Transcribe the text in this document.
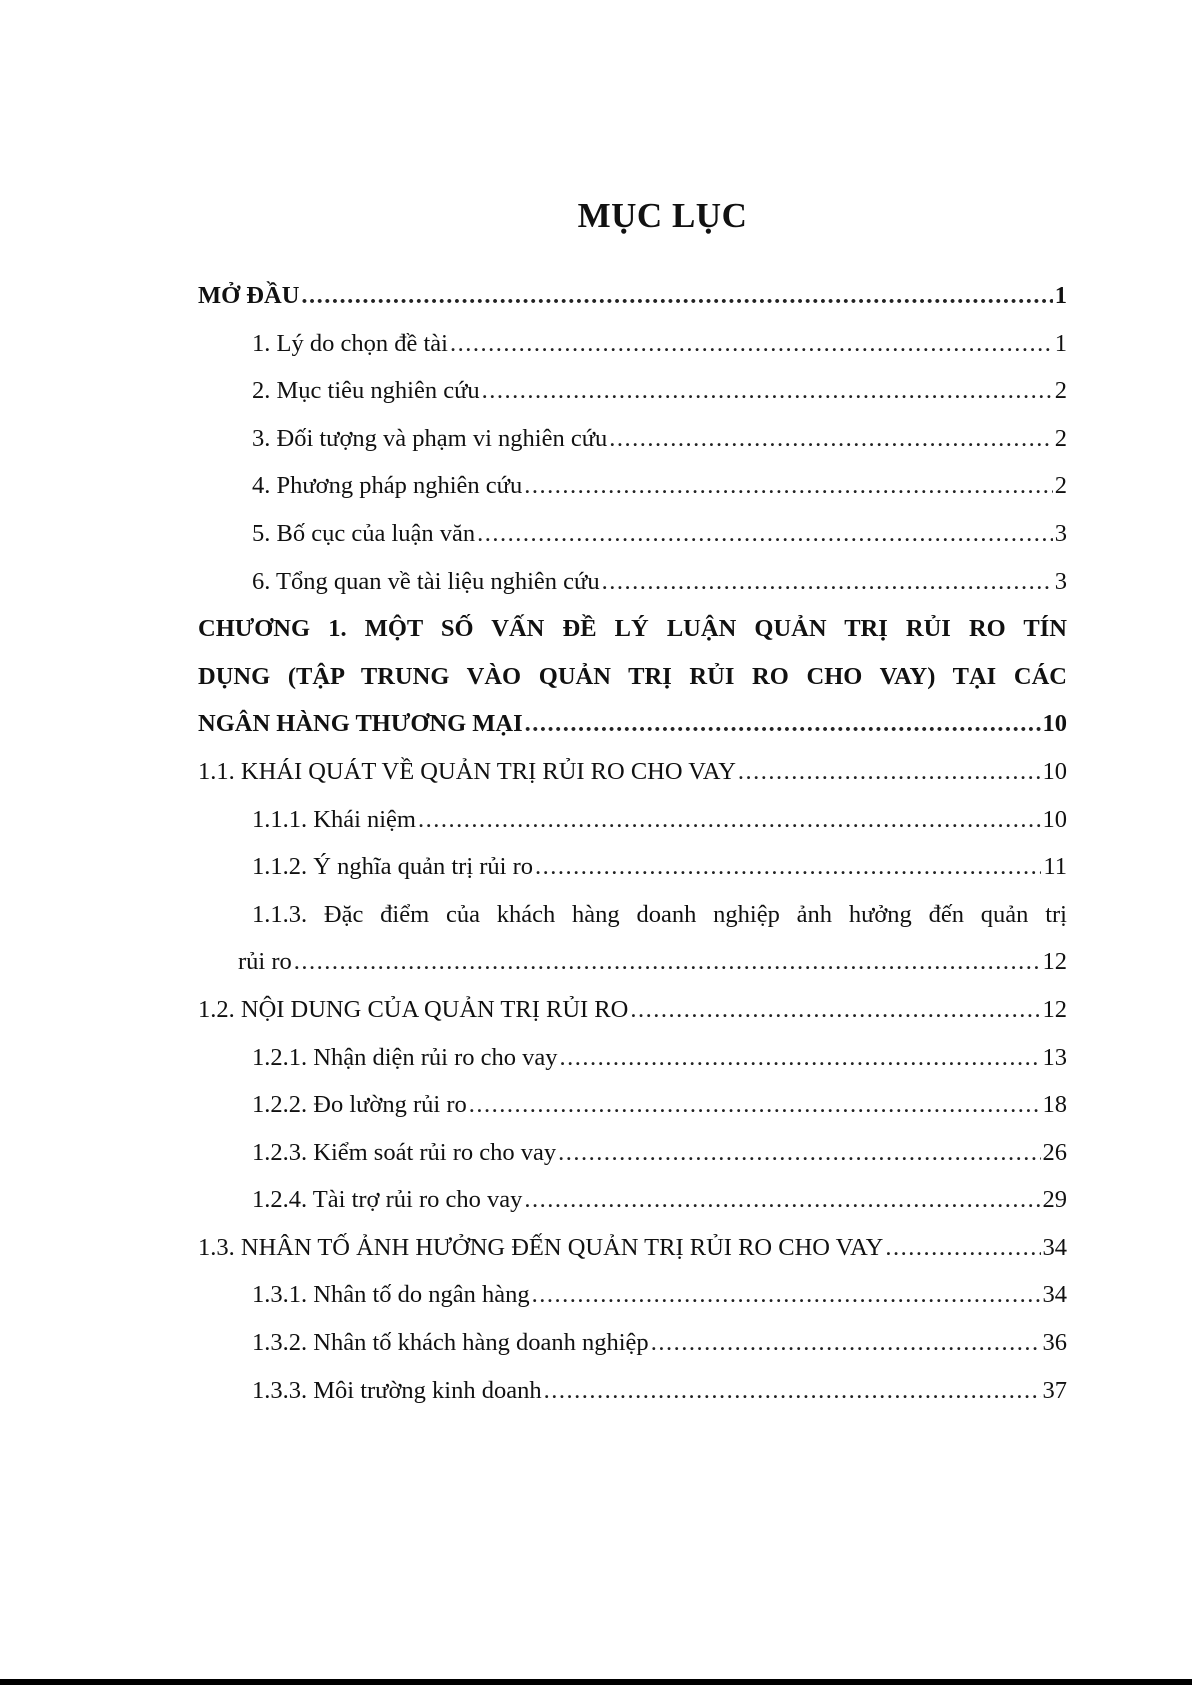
MỤC LỤC
MỞ ĐẦU .....	1
1. Lý do chọn đề tài .....	1
2. Mục tiêu nghiên cứu .....	2
3. Đối tượng và phạm vi nghiên cứu .....	2
4. Phương pháp nghiên cứu .....	2
5. Bố cục của luận văn .....	3
6. Tổng quan về tài liệu nghiên cứu .....	3
CHƯƠNG 1. MỘT SỐ VẤN ĐỀ LÝ LUẬN QUẢN TRỊ RỦI RO TÍN
DỤNG (TẬP TRUNG VÀO QUẢN TRỊ RỦI RO CHO VAY) TẠI CÁC
NGÂN HÀNG THƯƠNG MẠI .....	10
1.1. KHÁI QUÁT VỀ QUẢN TRỊ RỦI RO CHO VAY .....	10
1.1.1. Khái niệm .....	10
1.1.2. Ý nghĩa quản trị rủi ro .....	11
1.1.3. Đặc điểm của khách hàng doanh nghiệp ảnh hưởng đến quản trị
rủi ro .....	12
1.2. NỘI DUNG CỦA QUẢN TRỊ RỦI RO .....	12
1.2.1. Nhận diện rủi ro cho vay .....	13
1.2.2. Đo lường rủi ro .....	18
1.2.3. Kiểm soát rủi ro cho vay .....	26
1.2.4. Tài trợ rủi ro cho vay .....	29
1.3. NHÂN TỐ ẢNH HƯỞNG ĐẾN QUẢN TRỊ RỦI RO CHO VAY .....	34
1.3.1. Nhân tố do ngân hàng .....	34
1.3.2. Nhân tố khách hàng doanh nghiệp .....	36
1.3.3. Môi trường kinh doanh .....	37
